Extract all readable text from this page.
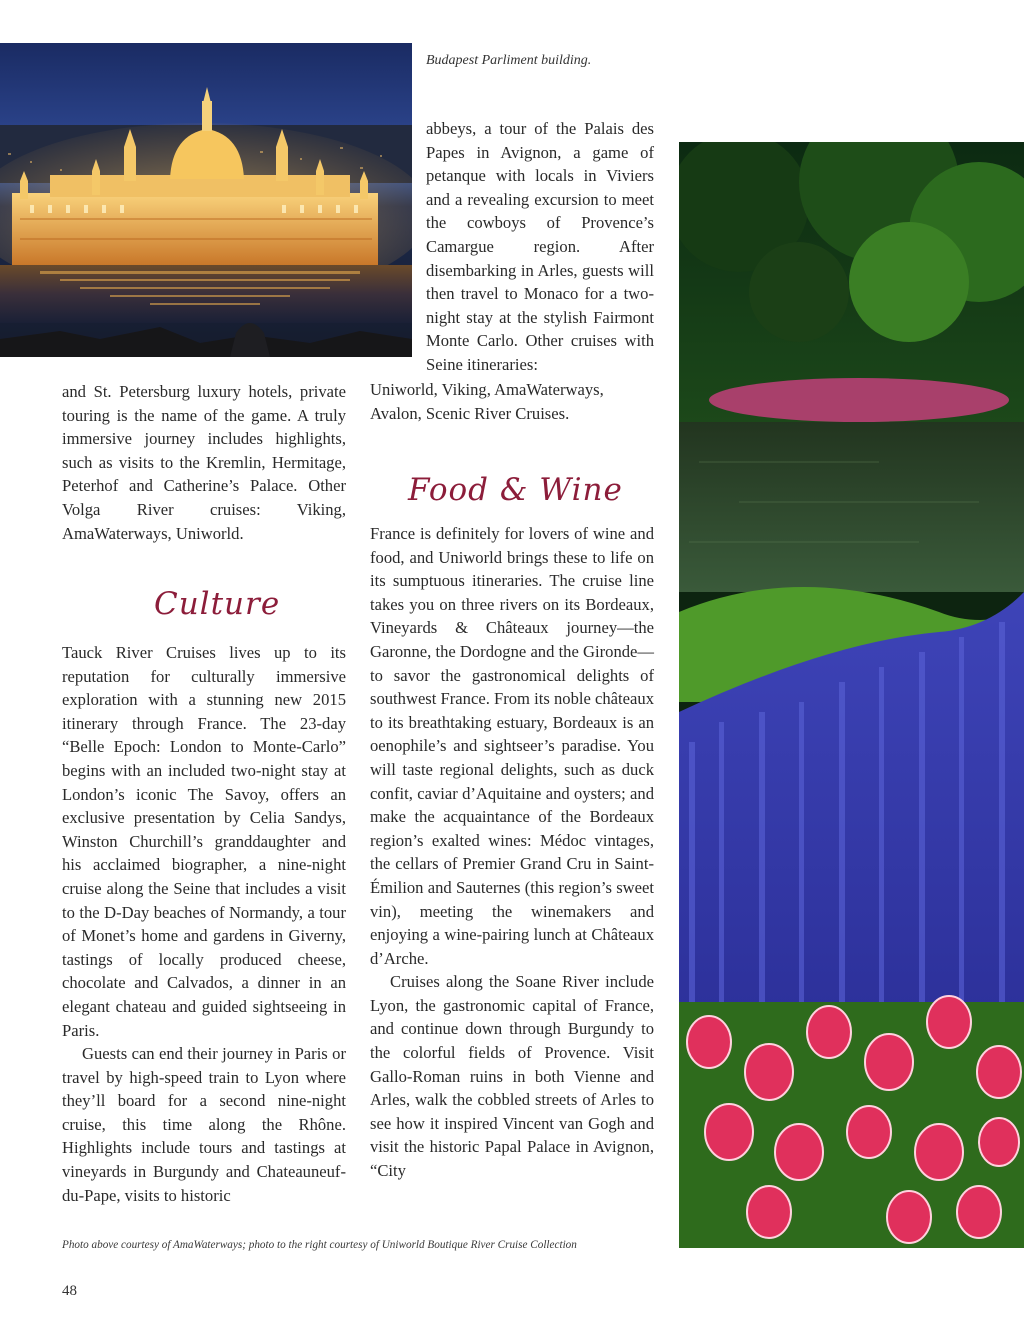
Budapest Parliment building.

and St. Petersburg luxury hotels, private touring is the name of the game. A truly immersive journey includes highlights, such as visits to the Kremlin, Hermitage, Peterhof and Catherine’s Palace. Other Volga River cruises: Viking, AmaWaterways, Uniworld.

Culture

Tauck River Cruises lives up to its reputation for culturally immersive exploration with a stunning new 2015 itinerary through France. The 23-day “Belle Epoch: London to Monte-Carlo” begins with an included two-night stay at London’s iconic The Savoy, offers an exclusive presentation by Celia Sandys, Winston Churchill’s granddaughter and his acclaimed biographer, a nine-night cruise along the Seine that includes a visit to the D-Day beaches of Normandy, a tour of Monet’s home and gardens in Giverny, tastings of locally produced cheese, chocolate and Calvados, a dinner in an elegant chateau and guided sightseeing in Paris.

Guests can end their journey in Paris or travel by high-speed train to Lyon where they’ll board for a second nine-night cruise, this time along the Rhône. Highlights include tours and tastings at vineyards in Burgundy and Chateauneuf-du-Pape, visits to historic

abbeys, a tour of the Palais des Papes in Avignon, a game of petanque with locals in Viviers and a revealing excursion to meet the cowboys of Provence’s Camargue region. After disembarking in Arles, guests will then travel to Monaco for a two-night stay at the stylish Fairmont Monte Carlo. Other cruises with Seine itineraries:

Uniworld, Viking, AmaWaterways, Avalon, Scenic River Cruises.

Food & Wine

France is definitely for lovers of wine and food, and Uniworld brings these to life on its sumptuous itineraries. The cruise line takes you on three rivers on its Bordeaux, Vineyards & Châteaux journey—the Garonne, the Dordogne and the Gironde—to savor the gastronomical delights of southwest France. From its noble châteaux to its breathtaking estuary, Bordeaux is an oenophile’s and sightseer’s paradise. You will taste regional delights, such as duck confit, caviar d’Aquitaine and oysters; and make the acquaintance of the Bordeaux region’s exalted wines: Médoc vintages, the cellars of Premier Grand Cru in Saint-Émilion and Sauternes (this region’s sweet vin), meeting the winemakers and enjoying a wine-pairing lunch at Châteaux d’Arche.

Cruises along the Soane River include Lyon, the gastronomic capital of France, and continue down through Burgundy to the colorful fields of Provence. Visit Gallo-Roman ruins in both Vienne and Arles, walk the cobbled streets of Arles to see how it inspired Vincent van Gogh and visit the historic Papal Palace in Avignon, “City

Photo above courtesy of AmaWaterways; photo to the right courtesy of Uniworld Boutique River Cruise Collection
48
